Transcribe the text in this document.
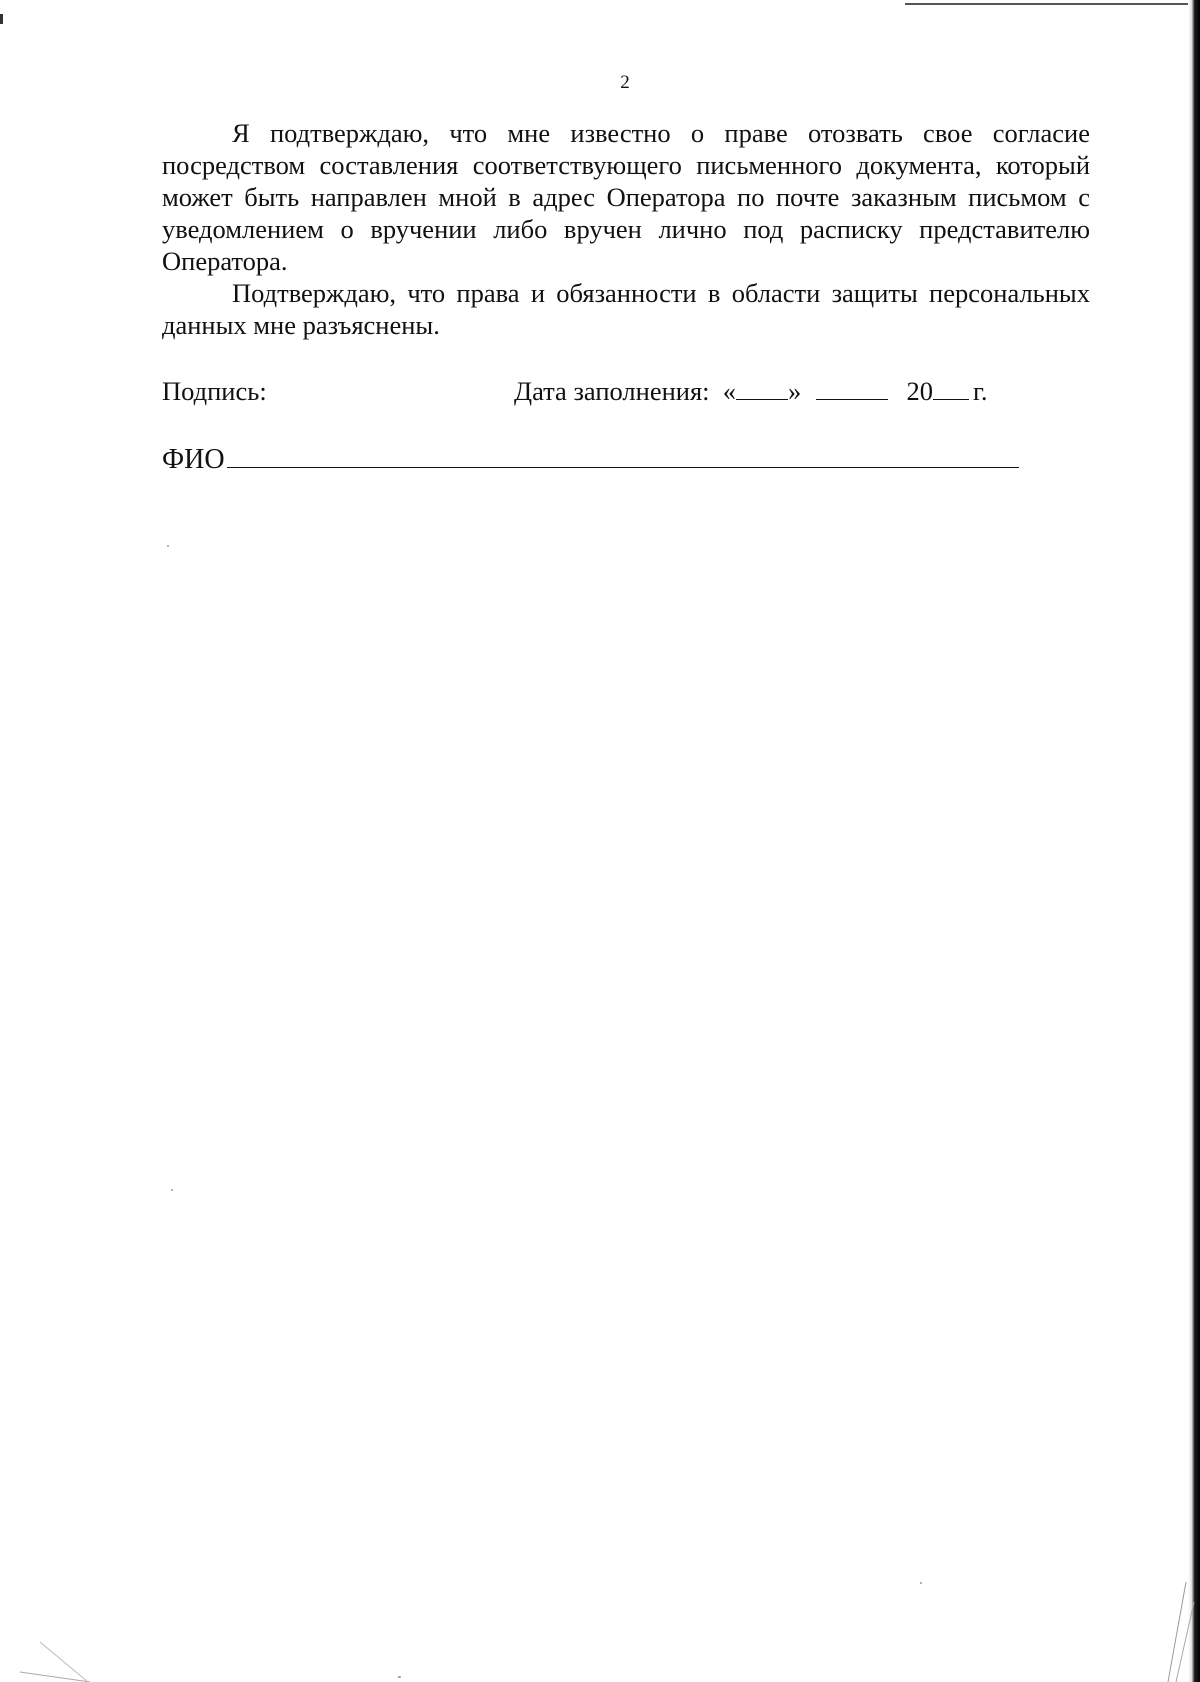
2

Я подтверждаю, что мне известно о праве отозвать свое согласие посредством составления соответствующего письменного документа, который может быть направлен мной в адрес Оператора по почте заказным письмом с уведомлением о вручении либо вручен лично под расписку представителю Оператора.

Подтверждаю, что права и обязанности в области защиты персональных данных мне разъяснены.

Подпись:	Дата заполнения: « »	20 г.
ФИО
